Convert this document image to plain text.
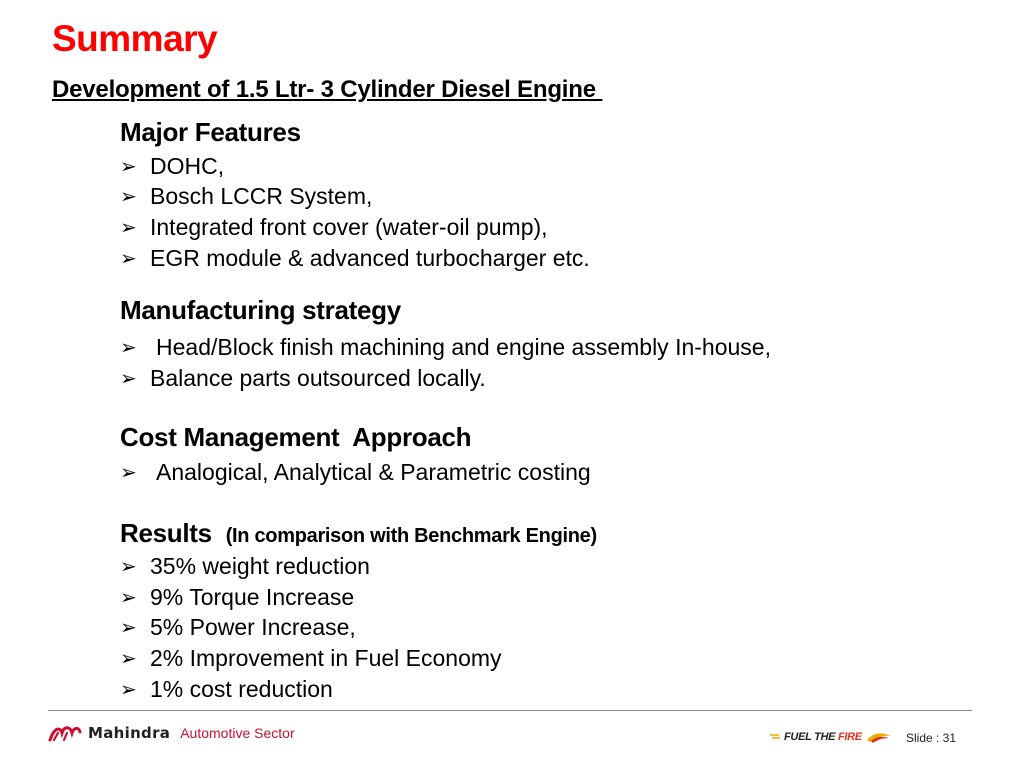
Summary
Development of 1.5 Ltr- 3 Cylinder Diesel Engine
Major Features
➢ DOHC,
➢ Bosch LCCR System,
➢ Integrated front cover (water-oil pump),
➢ EGR module & advanced turbocharger etc.
Manufacturing strategy
➢ Head/Block finish machining and engine assembly In-house,
➢ Balance parts outsourced locally.
Cost Management  Approach
➢ Analogical, Analytical & Parametric costing
Results (In comparison with Benchmark Engine)
➢ 35% weight reduction
➢ 9% Torque Increase
➢ 5% Power Increase,
➢ 2% Improvement in Fuel Economy
➢ 1% cost reduction
Mahindra Automotive Sector	FUEL THE FIRE	Slide : 31
